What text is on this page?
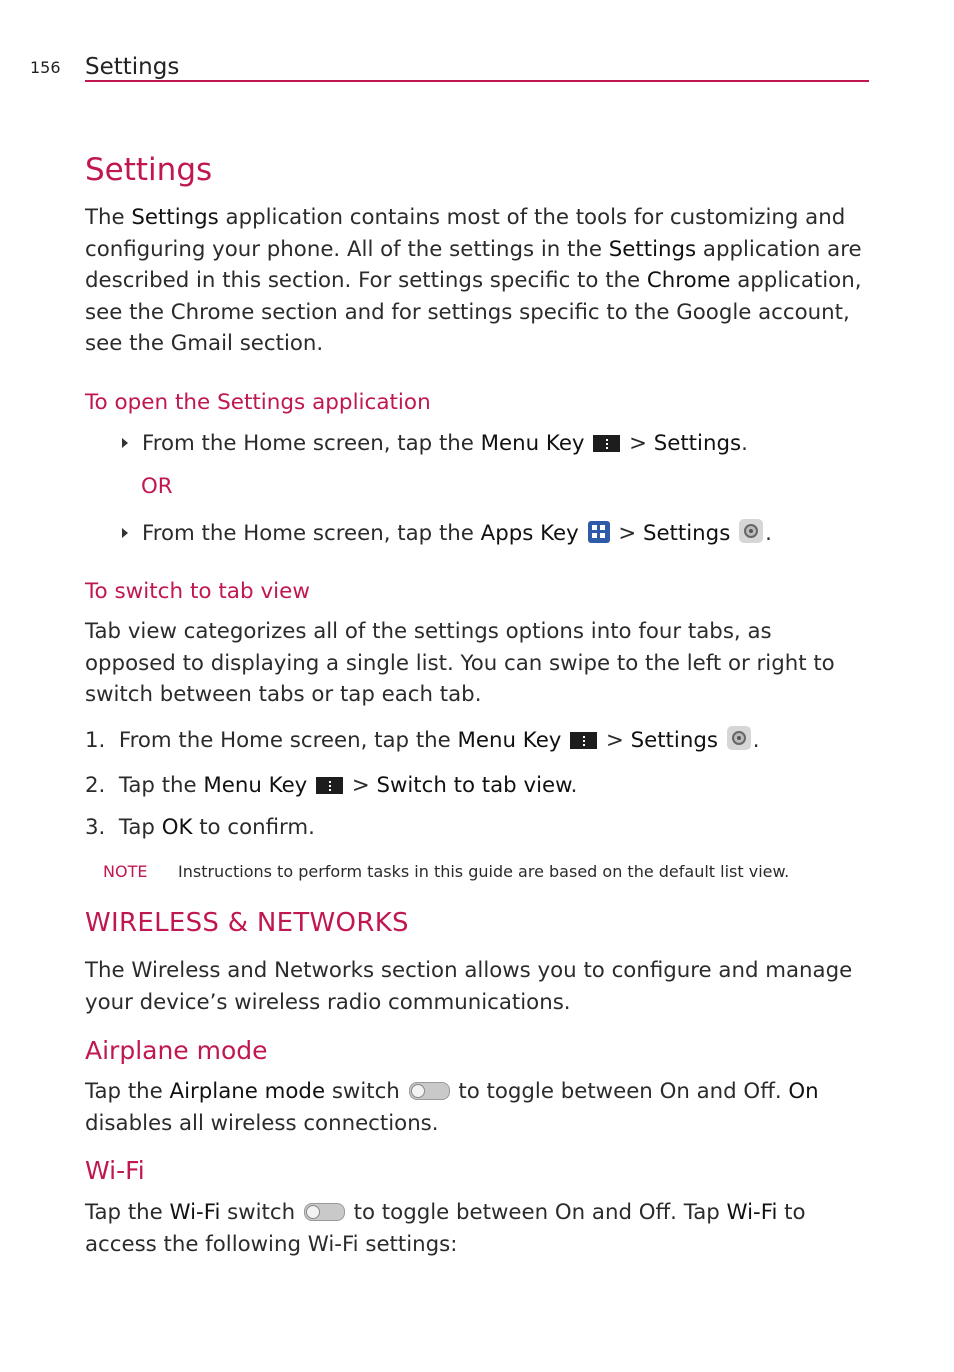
156 Settings
Settings

The Settings application contains most of the tools for customizing and configuring your phone. All of the settings in the Settings application are described in this section. For settings specific to the Chrome application, see the Chrome section and for settings specific to the Google account, see the Gmail section.

To open the Settings application
From the Home screen, tap the Menu Key  > Settings.
OR
From the Home screen, tap the Apps Key  > Settings .
To switch to tab view

Tab view categorizes all of the settings options into four tabs, as opposed to displaying a single list. You can swipe to the left or right to switch between tabs or tap each tab.

1. From the Home screen, tap the Menu Key  > Settings .
2. Tap the Menu Key  > Switch to tab view.
3. Tap OK to confirm.
NOTE Instructions to perform tasks in this guide are based on the default list view.
WIRELESS & NETWORKS

The Wireless and Networks section allows you to configure and manage your device’s wireless radio communications.

Airplane mode

Tap the Airplane mode switch  to toggle between On and Off. On disables all wireless connections.

Wi-Fi

Tap the Wi-Fi switch  to toggle between On and Off. Tap Wi-Fi to access the following Wi-Fi settings:
